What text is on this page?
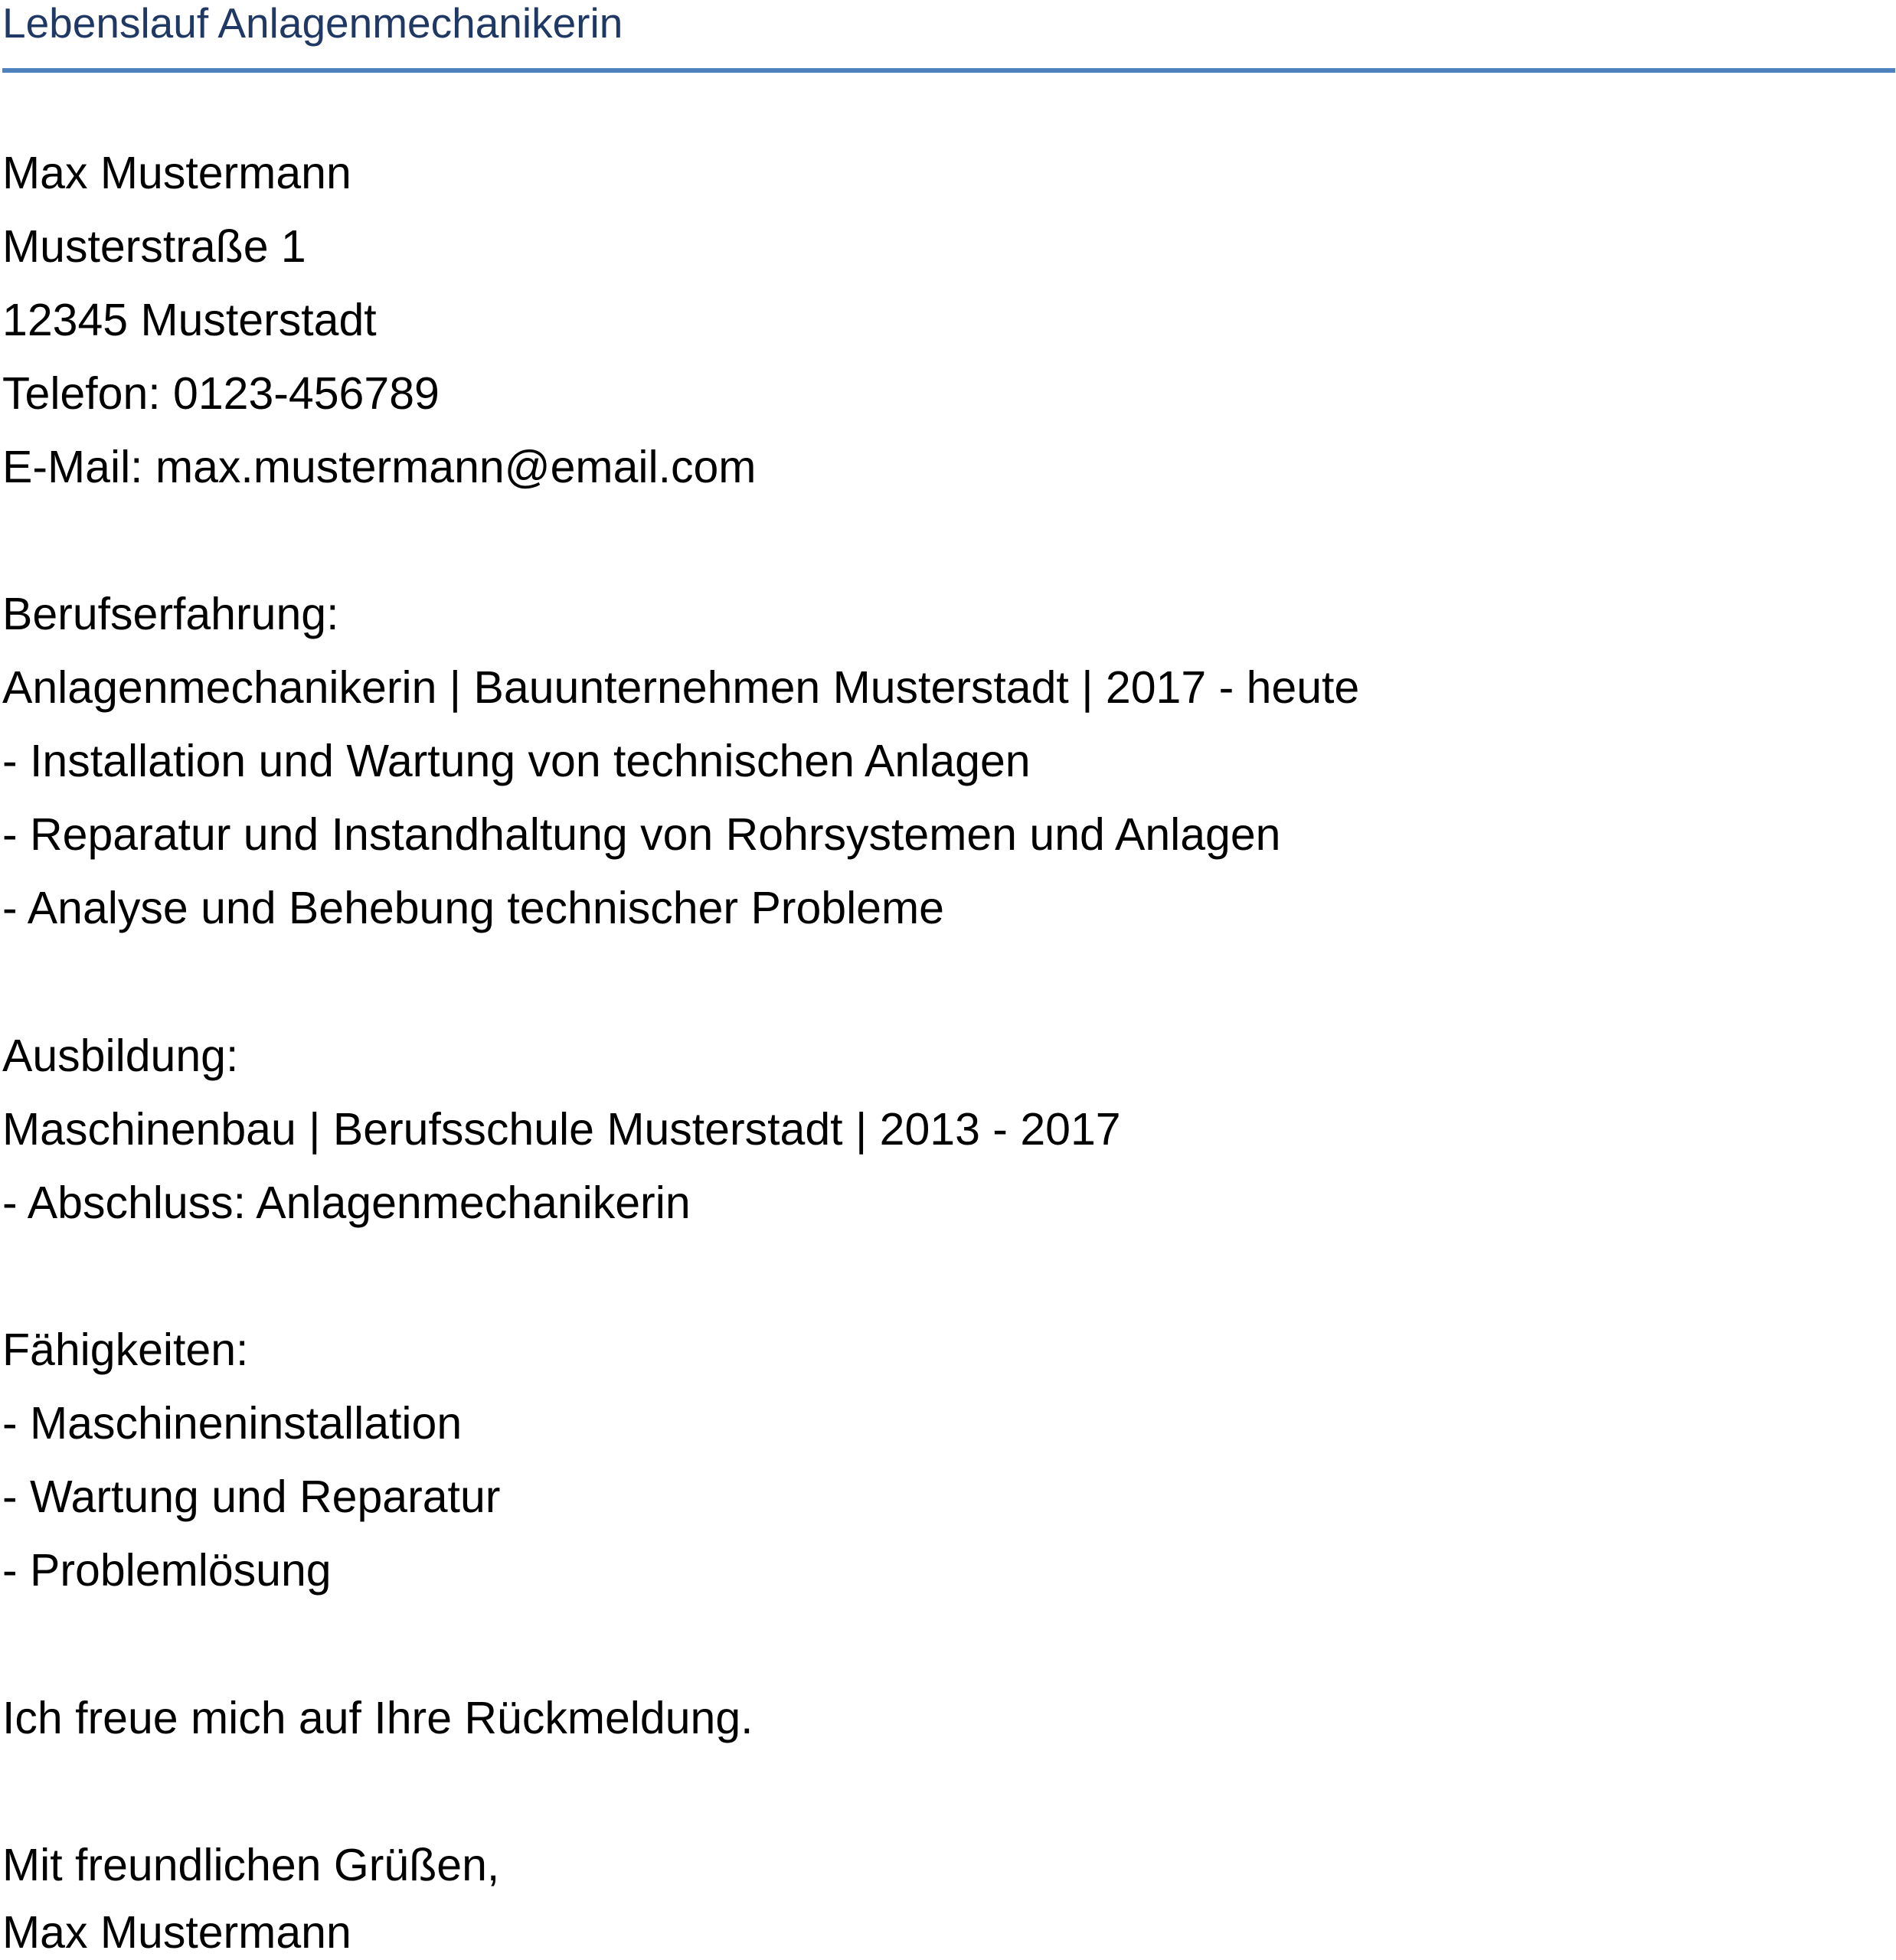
Lebenslauf Anlagenmechanikerin
Max Mustermann
Musterstraße 1
12345 Musterstadt
Telefon: 0123-456789
E-Mail: max.mustermann@email.com
Berufserfahrung:
Anlagenmechanikerin | Bauunternehmen Musterstadt | 2017 - heute
- Installation und Wartung von technischen Anlagen
- Reparatur und Instandhaltung von Rohrsystemen und Anlagen
- Analyse und Behebung technischer Probleme
Ausbildung:
Maschinenbau | Berufsschule Musterstadt | 2013 - 2017
- Abschluss: Anlagenmechanikerin
Fähigkeiten:
- Maschineninstallation
- Wartung und Reparatur
- Problemlösung
Ich freue mich auf Ihre Rückmeldung.
Mit freundlichen Grüßen,
Max Mustermann
